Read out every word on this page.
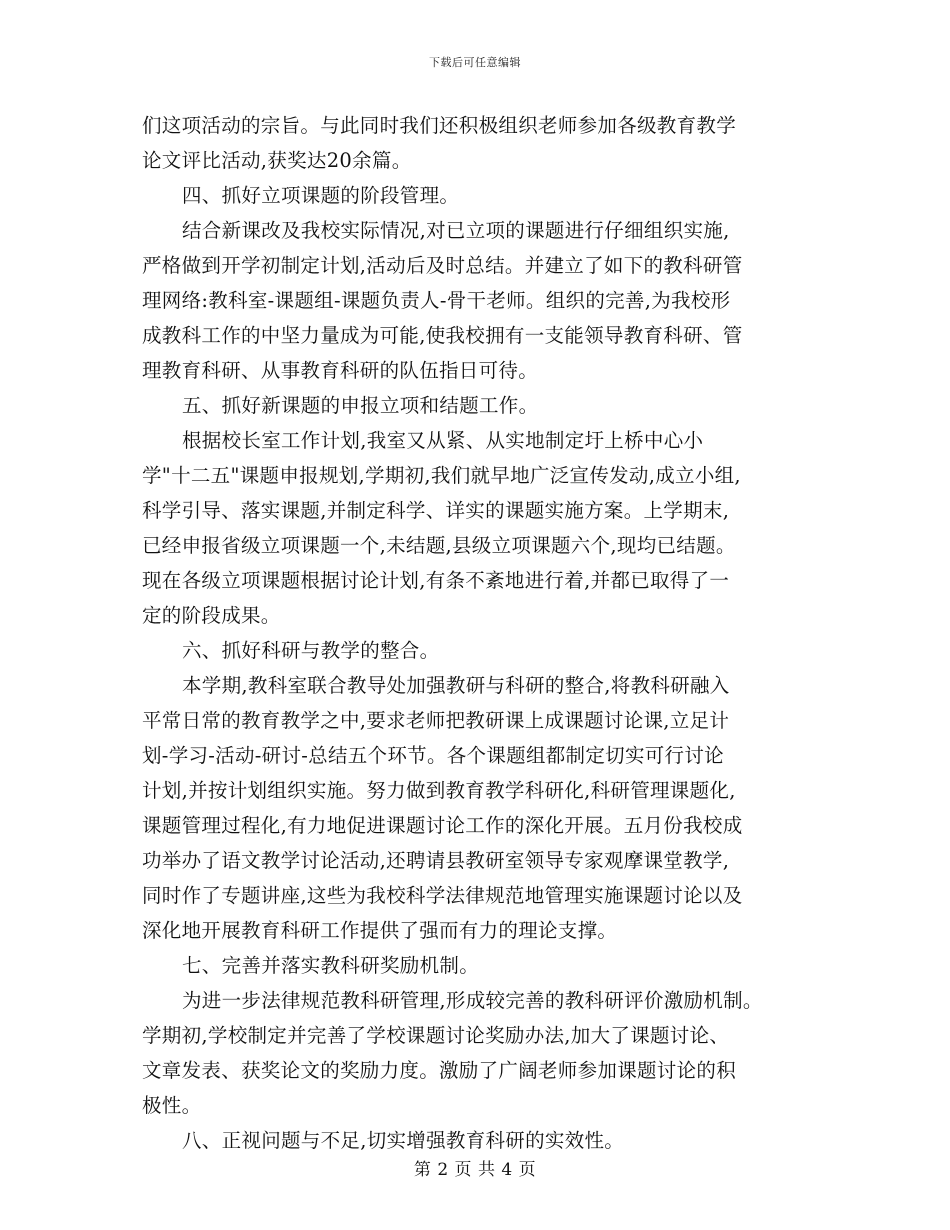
下载后可任意编辑
们这项活动的宗旨。与此同时我们还积极组织老师参加各级教育教学
论文评比活动,获奖达20余篇。
四、抓好立项课题的阶段管理。
结合新课改及我校实际情况,对已立项的课题进行仔细组织实施,
严格做到开学初制定计划,活动后及时总结。并建立了如下的教科研管
理网络:教科室-课题组-课题负责人-骨干老师。组织的完善,为我校形
成教科工作的中坚力量成为可能,使我校拥有一支能领导教育科研、管
理教育科研、从事教育科研的队伍指日可待。
五、抓好新课题的申报立项和结题工作。
根据校长室工作计划,我室又从紧、从实地制定圩上桥中心小
学"十二五"课题申报规划,学期初,我们就早地广泛宣传发动,成立小组,
科学引导、落实课题,并制定科学、详实的课题实施方案。上学期末,
已经申报省级立项课题一个,未结题,县级立项课题六个,现均已结题。
现在各级立项课题根据讨论计划,有条不紊地进行着,并都已取得了一
定的阶段成果。
六、抓好科研与教学的整合。
本学期,教科室联合教导处加强教研与科研的整合,将教科研融入
平常日常的教育教学之中,要求老师把教研课上成课题讨论课,立足计
划-学习-活动-研讨-总结五个环节。各个课题组都制定切实可行讨论
计划,并按计划组织实施。努力做到教育教学科研化,科研管理课题化,
课题管理过程化,有力地促进课题讨论工作的深化开展。五月份我校成
功举办了语文教学讨论活动,还聘请县教研室领导专家观摩课堂教学,
同时作了专题讲座,这些为我校科学法律规范地管理实施课题讨论以及
深化地开展教育科研工作提供了强而有力的理论支撑。
七、完善并落实教科研奖励机制。
为进一步法律规范教科研管理,形成较完善的教科研评价激励机制。
学期初,学校制定并完善了学校课题讨论奖励办法,加大了课题讨论、
文章发表、获奖论文的奖励力度。激励了广阔老师参加课题讨论的积
极性。
八、正视问题与不足,切实增强教育科研的实效性。
第 2 页 共 4 页
